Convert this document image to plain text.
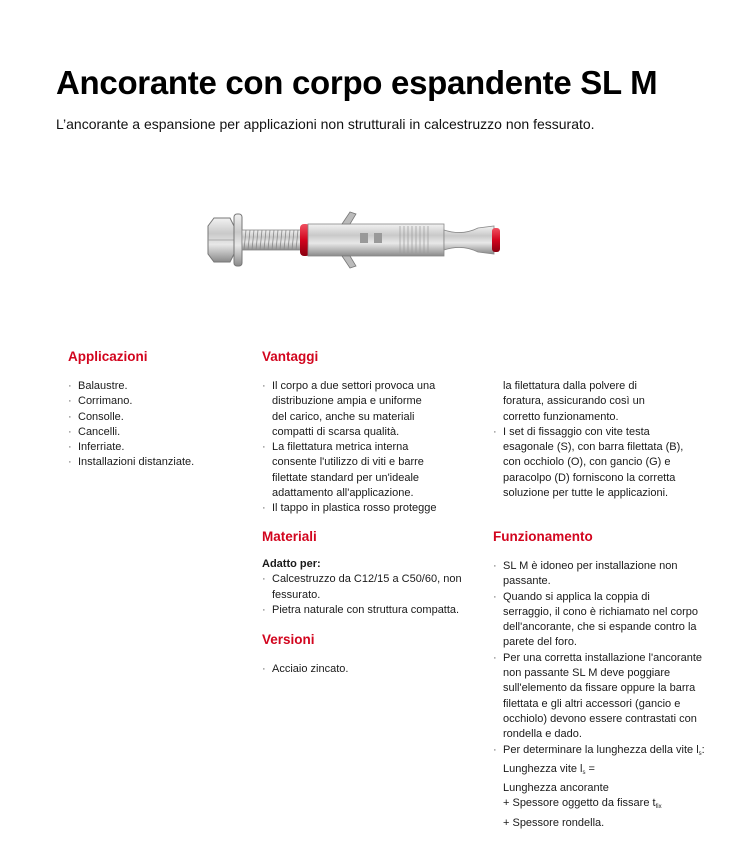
Ancorante con corpo espandente SL M

L’ancorante a espansione per applicazioni non strutturali in calcestruzzo non fessurato.

Applicazioni
· Balaustre.
· Corrimano.
· Consolle.
· Cancelli.
· Inferriate.
· Installazioni distanziate.
Vantaggi
· Il corpo a due settori provoca una
distribuzione ampia e uniforme
del carico, anche su materiali
compatti di scarsa qualità.
· La filettatura metrica interna
consente l'utilizzo di viti e barre
filettate standard per un'ideale
adattamento all'applicazione.
· Il tappo in plastica rosso protegge
la filettatura dalla polvere di
foratura, assicurando così un
corretto funzionamento.
· I set di fissaggio con vite testa
esagonale (S), con barra filettata (B),
con occhiolo (O), con gancio (G) e
paracolpo (D) forniscono la corretta
soluzione per tutte le applicazioni.
Materiali
Adatto per:
· Calcestruzzo da C12/15 a C50/60, non
fessurato.
· Pietra naturale con struttura compatta.
Versioni
· Acciaio zincato.
Funzionamento
· SL M è idoneo per installazione non
passante.
· Quando si applica la coppia di
serraggio, il cono è richiamato nel corpo
dell'ancorante, che si espande contro la
parete del foro.
· Per una corretta installazione l'ancorante
non passante SL M deve poggiare
sull'elemento da fissare oppure la barra
filettata e gli altri accessori (gancio e
occhiolo) devono essere contrastati con
rondella e dado.
· Per determinare la lunghezza della vite $l_s$:
Lunghezza vite $l_s$ =
Lunghezza ancorante
+ Spessore oggetto da fissare $t_{fix}$
+ Spessore rondella.
